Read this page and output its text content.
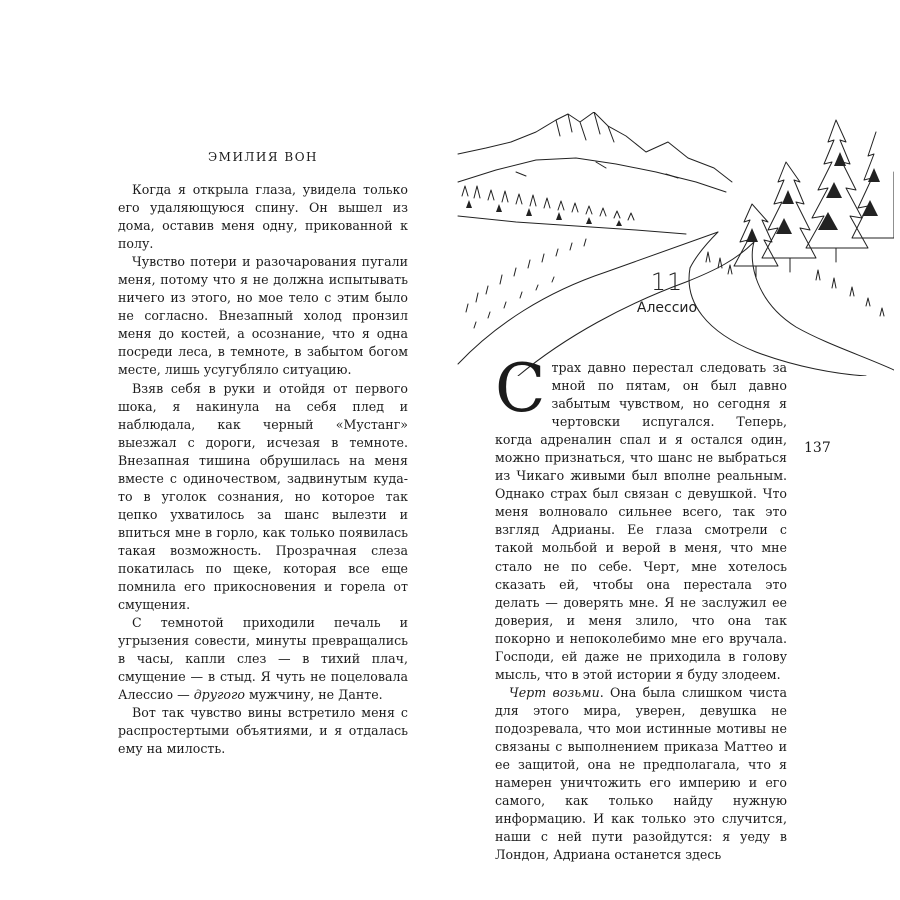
ЭМИЛИЯ ВОН

Когда я открыла глаза, увидела только его удаляющуюся спину. Он вышел из дома, оставив меня одну, прикованной к полу.

Чувство потери и разочарования пугали меня, потому что я не должна испытывать ничего из этого, но мое тело с этим было не согласно. Внезапный холод пронзил меня до костей, а осознание, что я одна посреди леса, в темноте, в забытом богом месте, лишь усугубляло ситуацию.

Взяв себя в руки и отойдя от первого шока, я накинула на себя плед и наблюдала, как черный «Мустанг» выезжал с дороги, исчезая в темноте. Внезапная тишина обрушилась на меня вместе с одиночеством, задвинутым куда-то в уголок сознания, но которое так цепко ухватилось за шанс вылезти и впиться мне в горло, как только появилась такая возможность. Прозрачная слеза покатилась по щеке, которая все еще помнила его прикосновения и горела от смущения.

С темнотой приходили печаль и угрызения совести, минуты превращались в часы, капли слез — в тихий плач, смущение — в стыд. Я чуть не поцеловала Алессио — другого мужчину, не Данте.

Вот так чувство вины встретило меня с распростертыми объятиями, и я отдалась ему на милость.

11
Алессио

Страх давно перестал следовать за мной по пятам, он был давно забытым чувством, но сегодня я чертовски испугался. Теперь, когда адреналин спал и я остался один, можно признаться, что шанс не выбраться из Чикаго живыми был вполне реальным. Однако страх был связан с девушкой. Что меня волновало сильнее всего, так это взгляд Адрианы. Ее глаза смотрели с такой мольбой и верой в меня, что мне стало не по себе. Черт, мне хотелось сказать ей, чтобы она перестала это делать — доверять мне. Я не заслужил ее доверия, и меня злило, что она так покорно и непоколебимо мне его вручала. Господи, ей даже не приходила в голову мысль, что в этой истории я буду злодеем.

Черт возьми. Она была слишком чиста для этого мира, уверен, девушка не подозревала, что мои истинные мотивы не связаны с выполнением приказа Маттео и ее защитой, она не предполагала, что я намерен уничтожить его империю и его самого, как только найду нужную информацию. И как только это случится, наши с ней пути разойдутся: я уеду в Лондон, Адриана останется здесь

137
